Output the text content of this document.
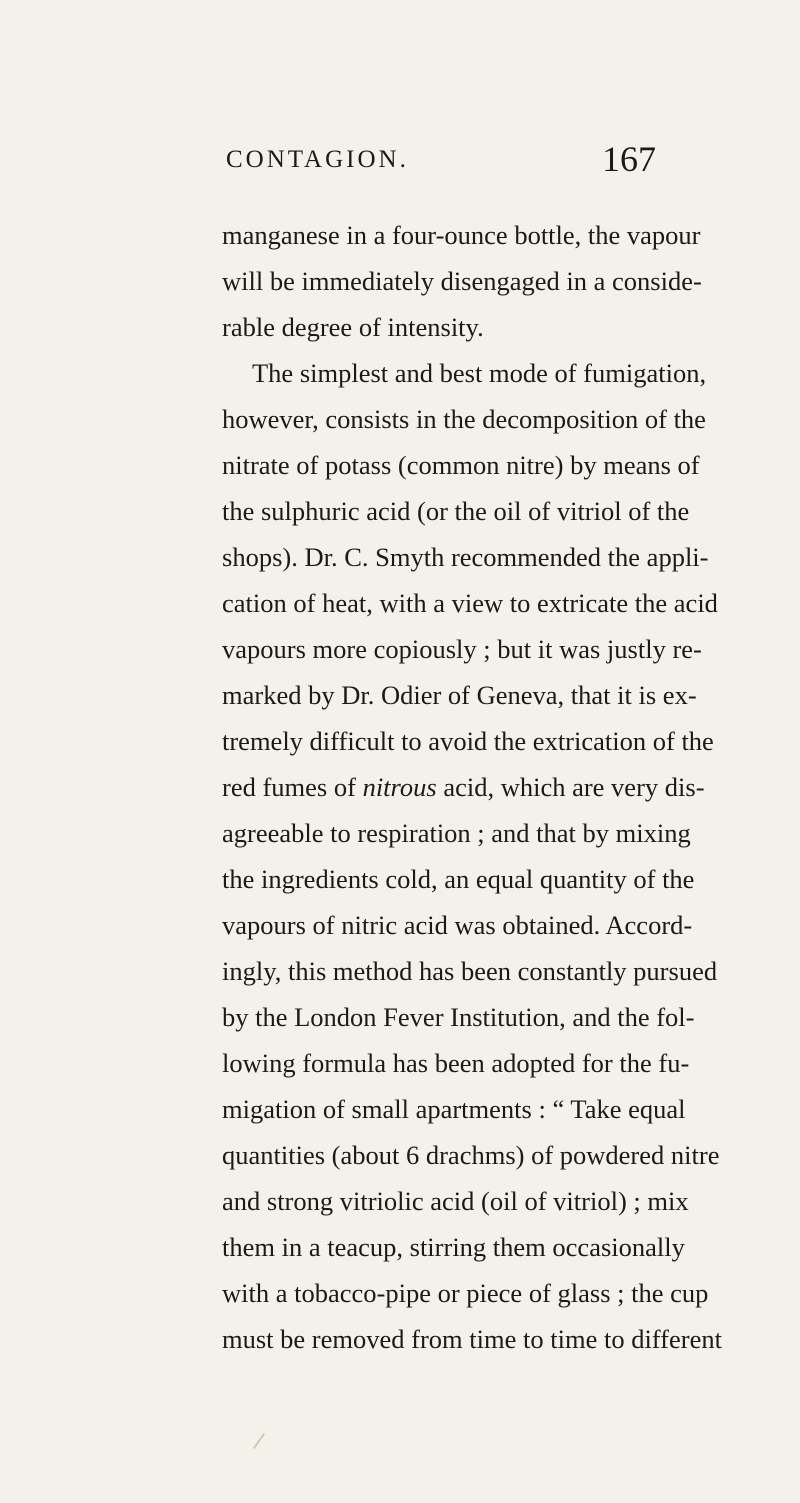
CONTAGION.	167
manganese in a four-ounce bottle, the vapour
will be immediately disengaged in a conside-
rable degree of intensity.
The simplest and best mode of fumigation,
however, consists in the decomposition of the
nitrate of potass (common nitre) by means of
the sulphuric acid (or the oil of vitriol of the
shops). Dr. C. Smyth recommended the appli-
cation of heat, with a view to extricate the acid
vapours more copiously ; but it was justly re-
marked by Dr. Odier of Geneva, that it is ex-
tremely difficult to avoid the extrication of the
red fumes of nitrous acid, which are very dis-
agreeable to respiration ; and that by mixing
the ingredients cold, an equal quantity of the
vapours of nitric acid was obtained. Accord-
ingly, this method has been constantly pursued
by the London Fever Institution, and the fol-
lowing formula has been adopted for the fu-
migation of small apartments : “ Take equal
quantities (about 6 drachms) of powdered nitre
and strong vitriolic acid (oil of vitriol) ; mix
them in a teacup, stirring them occasionally
with a tobacco-pipe or piece of glass ; the cup
must be removed from time to time to different
